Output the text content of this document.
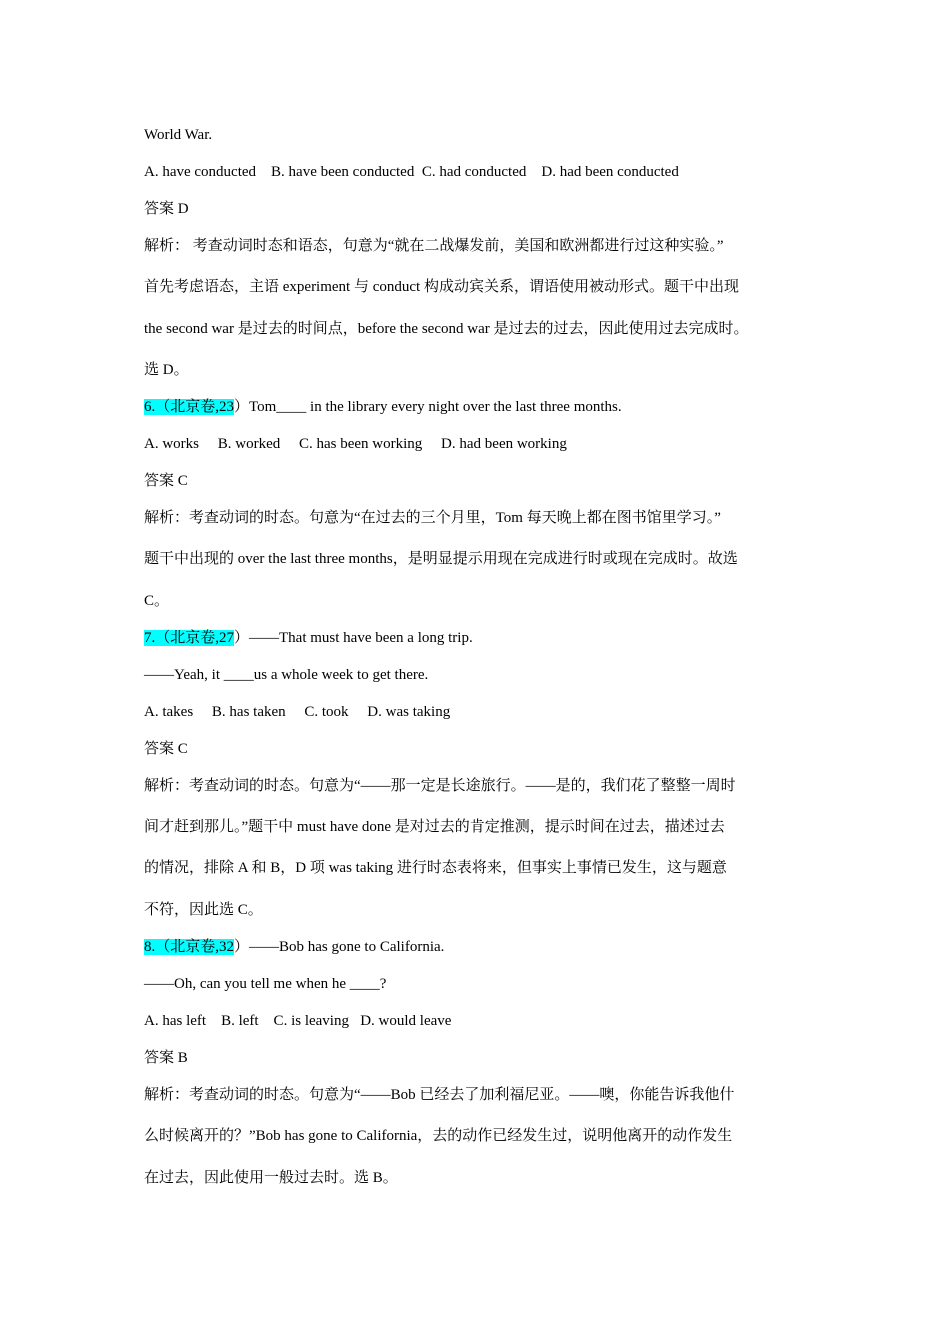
World War.
A. have conducted    B. have been conducted  C. had conducted    D. had been conducted
答案 D
解析： 考查动词时态和语态，句意为“就在二战爆发前，美国和欧洲都进行过这种实验。”
首先考虑语态，主语 experiment 与 conduct 构成动宾关系，谓语使用被动形式。题干中出现
the second war 是过去的时间点，before the second war 是过去的过去，因此使用过去完成时。
选 D。
6.（北京卷,23）Tom____ in the library every night over the last three months.
A. works     B. worked     C. has been working     D. had been working
答案 C
解析：考查动词的时态。句意为“在过去的三个月里，Tom 每天晚上都在图书馆里学习。”
题干中出现的 over the last three months，是明显提示用现在完成进行时或现在完成时。故选
C。
7.（北京卷,27）——That must have been a long trip.
——Yeah, it ____us a whole week to get there.
A. takes     B. has taken     C. took     D. was taking
答案 C
解析：考查动词的时态。句意为“——那一定是长途旅行。——是的，我们花了整整一周时
间才赶到那儿。”题干中 must have done 是对过去的肯定推测，提示时间在过去，描述过去
的情况，排除 A 和 B，D 项 was taking 进行时态表将来，但事实上事情已发生，这与题意
不符，因此选 C。
8.（北京卷,32）——Bob has gone to California.
——Oh, can you tell me when he ____?
A. has left    B. left    C. is leaving   D. would leave
答案 B
解析：考查动词的时态。句意为“——Bob 已经去了加利福尼亚。——噢，你能告诉我他什
么时候离开的？”Bob has gone to California，去的动作已经发生过，说明他离开的动作发生
在过去，因此使用一般过去时。选 B。
